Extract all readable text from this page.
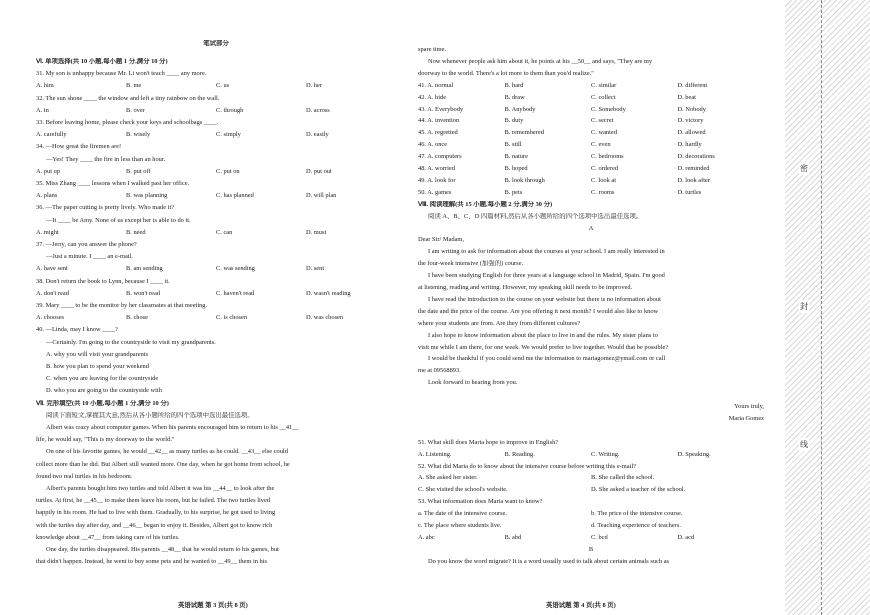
笔试部分
Ⅵ. 单项选择(共 10 小题,每小题 1 分,满分 10 分)
31. My son is unhappy because Mr. Li won't teach ____ any more.
A. him	B. me	C. us	D. her
32. The sun shone ____ the window and left a tiny rainbow on the wall.
A. in	B. over	C. through	D. across
33. Before leaving home, please check your keys and schoolbags ____.
A. carefully	B. wisely	C. simply	D. easily
34. —How great the firemen are!
—Yes! They ____ the fire in less than an hour.
A. put up	B. put off	C. put on	D. put out
35. Miss Zhang ____ lessons when I walked past her office.
A. plans	B. was planning	C. has planned	D. will plan
36. —The paper cutting is pretty lively. Who made it?
—It ____ be Amy. None of us except her is able to do it.
A. might	B. need	C. can	D. must
37. —Jerry, can you answer the phone?
—Just a minute. I ____ an e-mail.
A. have sent	B. am sending	C. was sending	D. sent
38. Don't return the book to Lynn, because I ____ it.
A. don't read	B. won't read	C. haven't read	D. wasn't reading
39. Mary ____ to be the monitor by her classmates at that meeting.
A. chooses	B. chose	C. is chosen	D. was chosen
40. —Linda, may I know ____?
—Certainly. I'm going to the countryside to visit my grandparents.
A. why you will visit your grandparents
B. how you plan to spend your weekend
C. when you are leaving for the countryside
D. who you are going to the countryside with
Ⅶ. 完形填空(共 10 小题,每小题 1 分,满分 10 分)
阅读下面短文,掌握其大意,然后从各小题所给的四个选项中选出最佳选项。
Albert was crazy about computer games. When his parents encouraged him to return to his __41__
life, he would say, "This is my doorway to the world."
On one of his favorite games, he would __42__ as many turtles as he could. __43__ else could
collect more than he did. But Albert still wanted more. One day, when he got home from school, he
found two real turtles in his bedroom.
Albert's parents bought him two turtles and told Albert it was his __44__ to look after the
turtles. At first, he __45__ to make them leave his room, but he failed. The two turtles lived
happily in his room. He had to live with them. Gradually, to his surprise, he got used to living
with the turtles day after day, and __46__ began to enjoy it. Besides, Albert got to know rich
knowledge about __47__ from taking care of his turtles.
One day, the turtles disappeared. His parents __48__ that he would return to his games, but
that didn't happen. Instead, he went to buy some pets and he wanted to __49__ them in his
英语试题 第 3 页(共 8 页)
spare time.
Now whenever people ask him about it, he points at his __50__ and says, "They are my
doorway to the world. There's a lot more to them than you'd realize."
41. A. normal	B. hard	C. similar	D. different
42. A. hide	B. draw	C. collect	D. beat
43. A. Everybody	B. Anybody	C. Somebody	D. Nobody
44. A. invention	B. duty	C. secret	D. victory
45. A. regretted	B. remembered	C. wanted	D. allowed
46. A. once	B. still	C. even	D. hardly
47. A. computers	B. nature	C. bedrooms	D. decorations
48. A. worried	B. hoped	C. ordered	D. reminded
49. A. look for	B. look through	C. look at	D. look after
50. A. games	B. pets	C. rooms	D. turtles
Ⅷ. 阅读理解(共 15 小题,每小题 2 分,满分 30 分)
阅读 A、B、C、D 四篇材料,然后从各小题所给的四个选项中选出最佳选项。
A
Dear Sir/ Madam,
I am writing to ask for information about the courses at your school. I am really interested in
the four-week intensive (加强的) course.
I have been studying English for three years at a language school in Madrid, Spain. I'm good
at listening, reading and writing. However, my speaking skill needs to be improved.
I have read the introduction to the course on your website but there is no information about
the date and the price of the course. Are you offering it next month? I would also like to know
where your students are from. Are they from different cultures?
I also hope to know information about the place to live in and the rules. My sister plans to
visit me while I am there, for one week. We would prefer to live together. Would that be possible?
I would be thankful if you could send me the information to mariagomez@ymail.com or call
me at 09568893.
Look forward to hearing from you.
Yours truly,
Maria Gomez
51. What skill does Maria hope to improve in English?
A. Listening.	B. Reading.	C. Writing.	D. Speaking.
52. What did Maria do to know about the intensive course before writing this e-mail?
A. She asked her sister.	B. She called the school.
C. She visited the school's website.	D. She asked a teacher of the school.
53. What information does Maria want to know?
a. The date of the intensive course.	b. The price of the intensive course.
c. The place where students live.	d. Teaching experience of teachers.
A. abc	B. abd	C. bcd	D. acd
B
Do you know the word migrate? It is a word usually used to talk about certain animals such as
英语试题 第 4 页(共 8 页)
密
封
线
